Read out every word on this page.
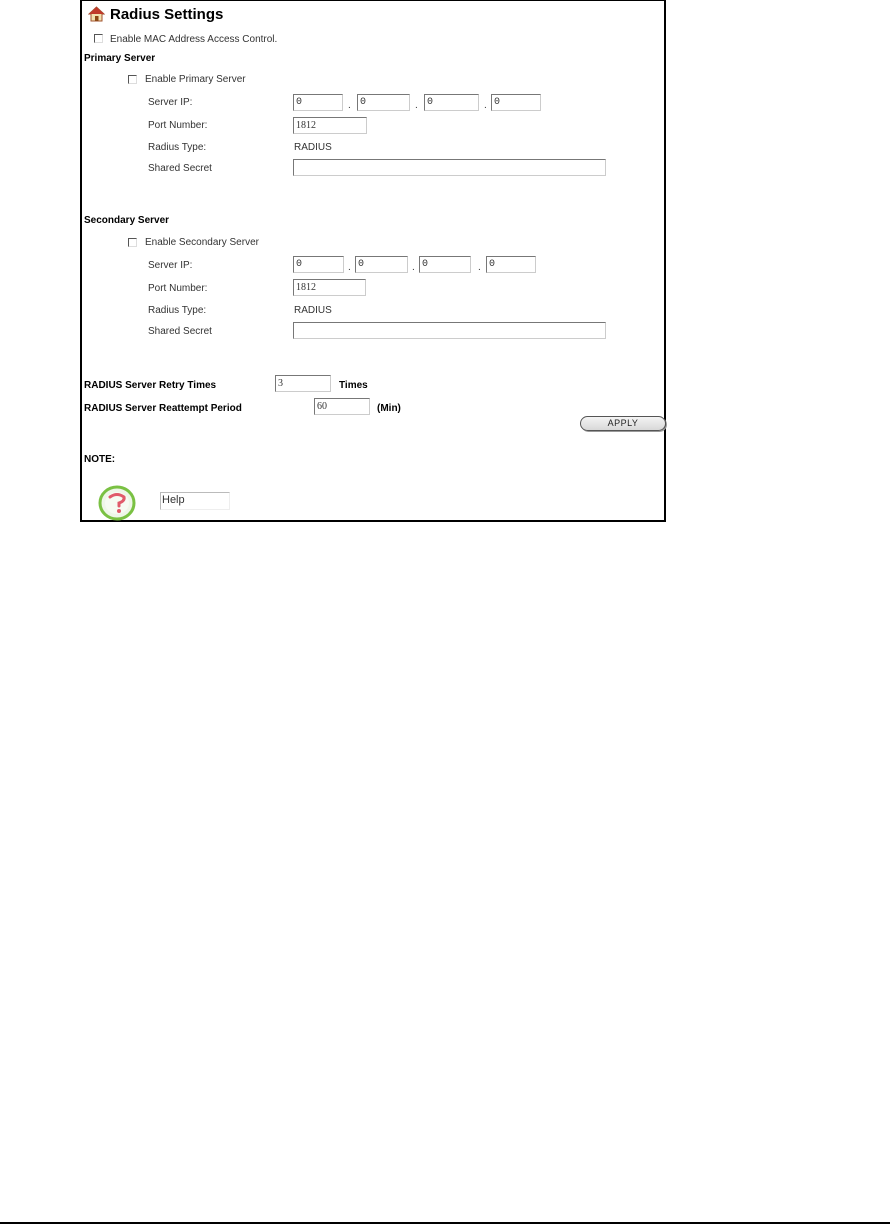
Radius Settings
Enable MAC Address Access Control.
Primary Server
Enable Primary Server
Server IP:	0	. 0	. 0	. 0
Port Number:	1812
Radius Type:	RADIUS
Shared Secret
Secondary Server
Enable Secondary Server
Server IP:	0	. 0	. 0	. 0
Port Number:	1812
Radius Type:	RADIUS
Shared Secret
RADIUS Server Retry Times	3	Times
RADIUS Server Reattempt Period	60	(Min)
APPLY
NOTE:
Help
